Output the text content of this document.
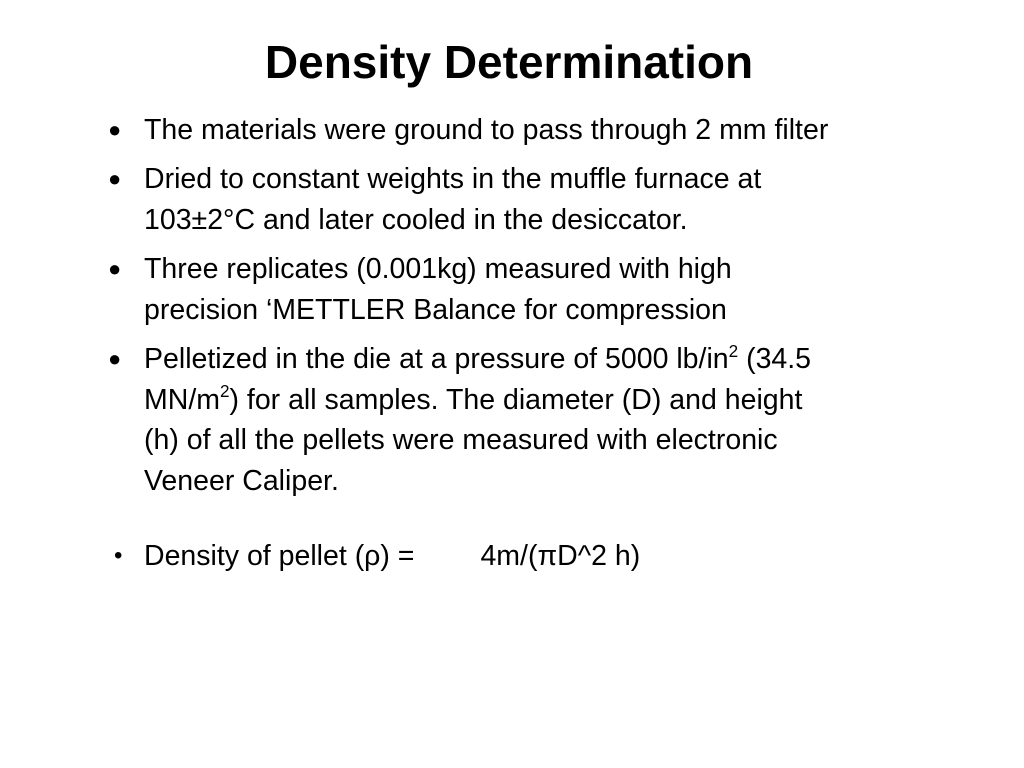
Density Determination
● The materials were ground to pass through 2 mm filter
● Dried to constant weights in the muffle furnace at
103±2°C and later cooled in the desiccator.
● Three replicates (0.001kg) measured with high
precision ‘METTLER Balance for compression
● Pelletized in the die at a pressure of 5000 $lb/in^2$ (34.5
$MN/m^2$) for all samples. The diameter (D) and height
(h) of all the pellets were measured with electronic
Veneer Caliper.
• Density of pellet (ρ) = 4m/(πD^2 h)
